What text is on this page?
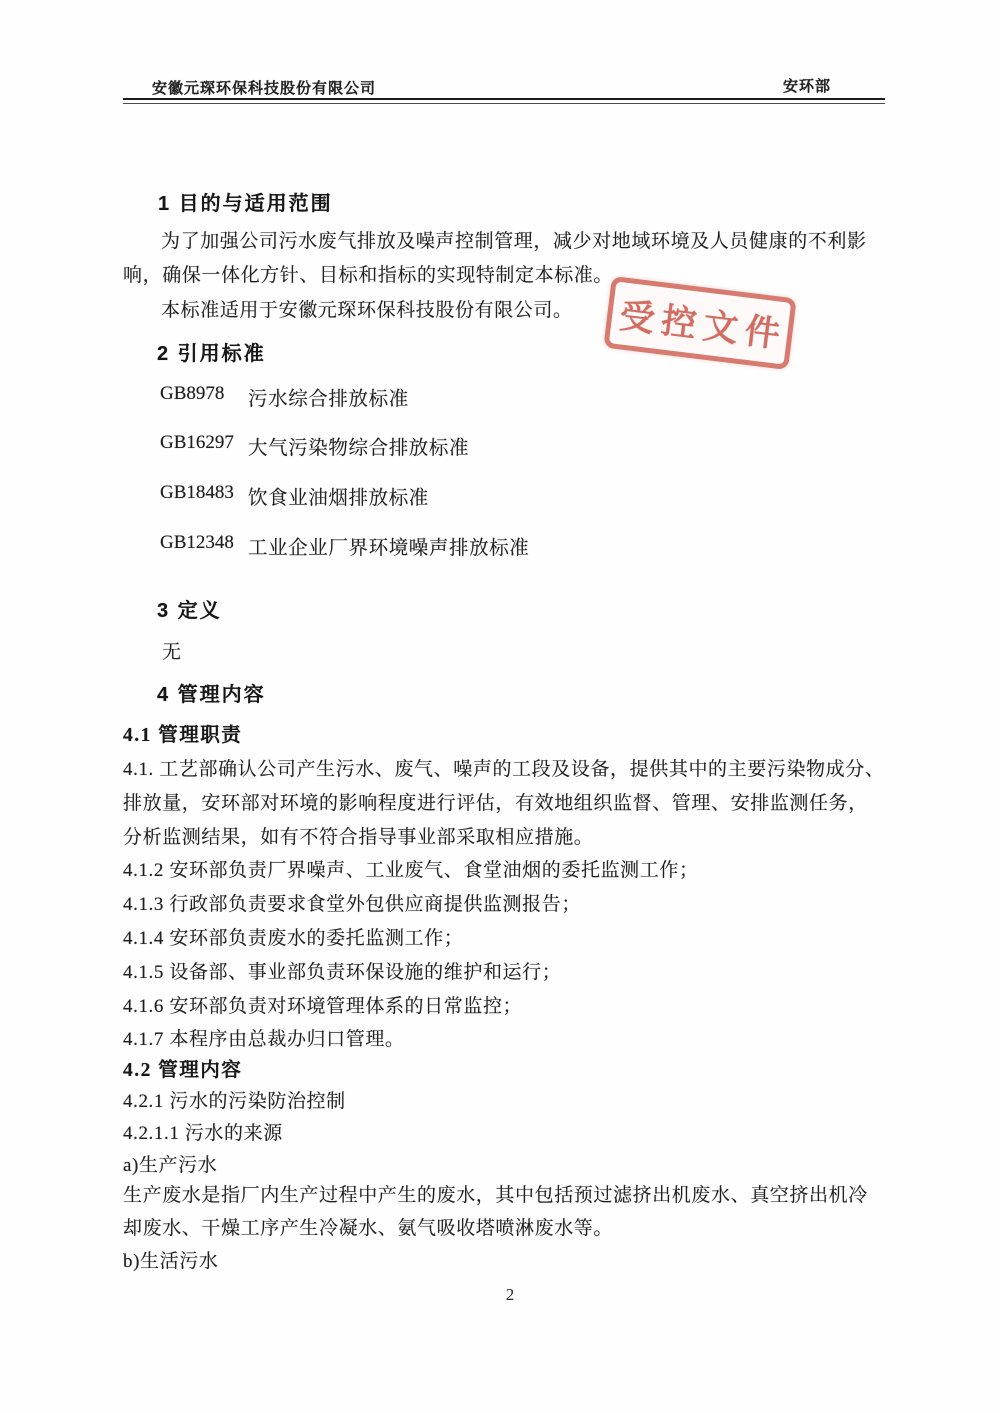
安徽元琛环保科技股份有限公司	安环部
1 目的与适用范围
为了加强公司污水废气排放及噪声控制管理，减少对地域环境及人员健康的不利影
响，确保一体化方针、目标和指标的实现特制定本标准。
本标准适用于安徽元琛环保科技股份有限公司。 受控文件
2 引用标准
GB8978	污水综合排放标准
GB16297 大气污染物综合排放标准
GB18483 饮食业油烟排放标准
GB12348 工业企业厂界环境噪声排放标准
3 定义
无
4 管理内容
4.1 管理职责
4.1. 工艺部确认公司产生污水、废气、噪声的工段及设备，提供其中的主要污染物成分、
排放量，安环部对环境的影响程度进行评估，有效地组织监督、管理、安排监测任务，
分析监测结果，如有不符合指导事业部采取相应措施。
4.1.2 安环部负责厂界噪声、工业废气、食堂油烟的委托监测工作；
4.1.3 行政部负责要求食堂外包供应商提供监测报告；
4.1.4 安环部负责废水的委托监测工作；
4.1.5 设备部、事业部负责环保设施的维护和运行；
4.1.6 安环部负责对环境管理体系的日常监控；
4.1.7 本程序由总裁办归口管理。
4.2 管理内容
4.2.1 污水的污染防治控制
4.2.1.1 污水的来源
a)生产污水
生产废水是指厂内生产过程中产生的废水，其中包括预过滤挤出机废水、真空挤出机冷
却废水、干燥工序产生冷凝水、氨气吸收塔喷淋废水等。
b)生活污水
2
